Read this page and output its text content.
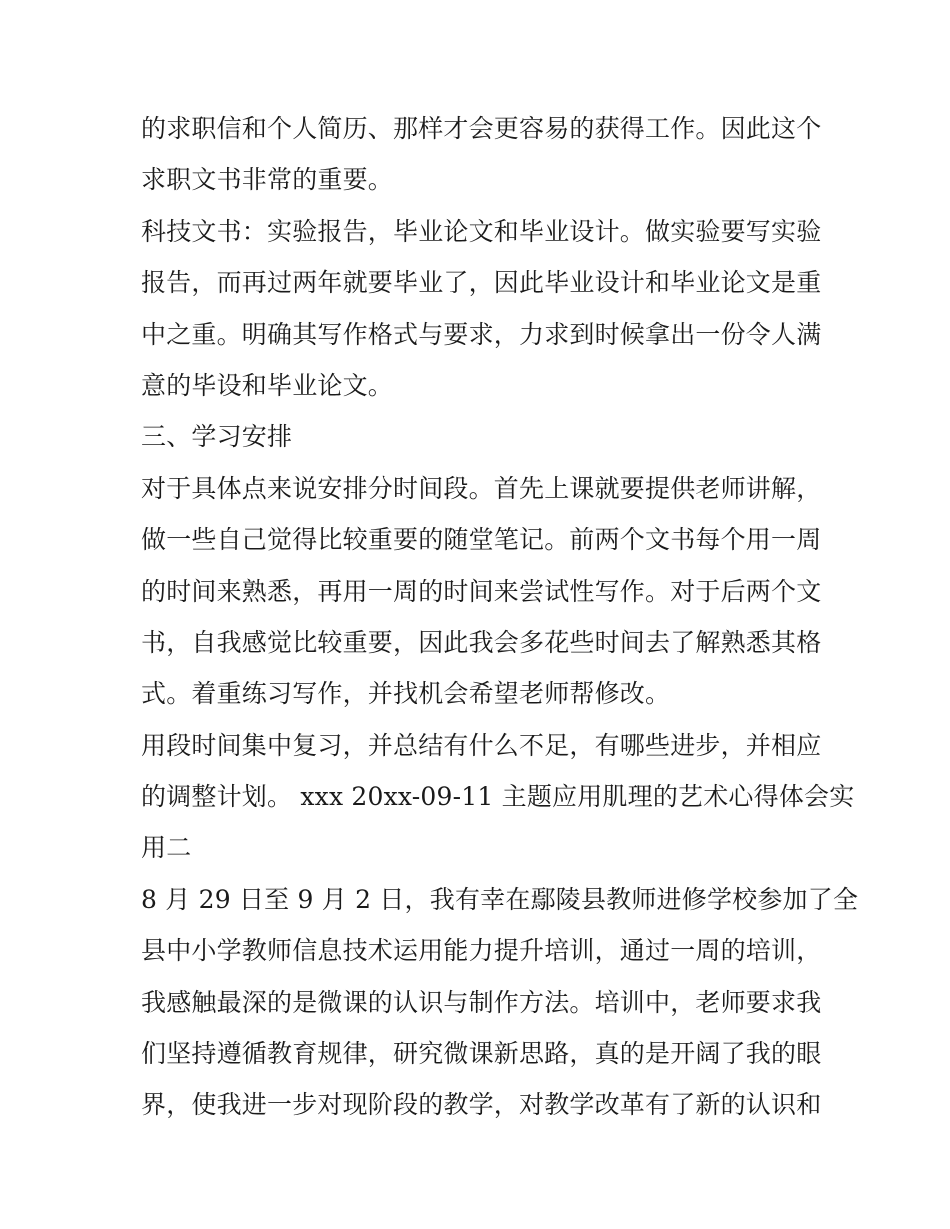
的求职信和个人简历、那样才会更容易的获得工作。因此这个
求职文书非常的重要。
科技文书：实验报告，毕业论文和毕业设计。做实验要写实验
报告，而再过两年就要毕业了，因此毕业设计和毕业论文是重
中之重。明确其写作格式与要求，力求到时候拿出一份令人满
意的毕设和毕业论文。
三、学习安排
对于具体点来说安排分时间段。首先上课就要提供老师讲解，
做一些自己觉得比较重要的随堂笔记。前两个文书每个用一周
的时间来熟悉，再用一周的时间来尝试性写作。对于后两个文
书，自我感觉比较重要，因此我会多花些时间去了解熟悉其格
式。着重练习写作，并找机会希望老师帮修改。
用段时间集中复习，并总结有什么不足，有哪些进步，并相应
的调整计划。 xxx 20xx-09-11 主题应用肌理的艺术心得体会实
用二
8 月 29 日至 9 月 2 日，我有幸在鄢陵县教师进修学校参加了全
县中小学教师信息技术运用能力提升培训，通过一周的培训，
我感触最深的是微课的认识与制作方法。培训中，老师要求我
们坚持遵循教育规律，研究微课新思路，真的是开阔了我的眼
界，使我进一步对现阶段的教学，对教学改革有了新的认识和
